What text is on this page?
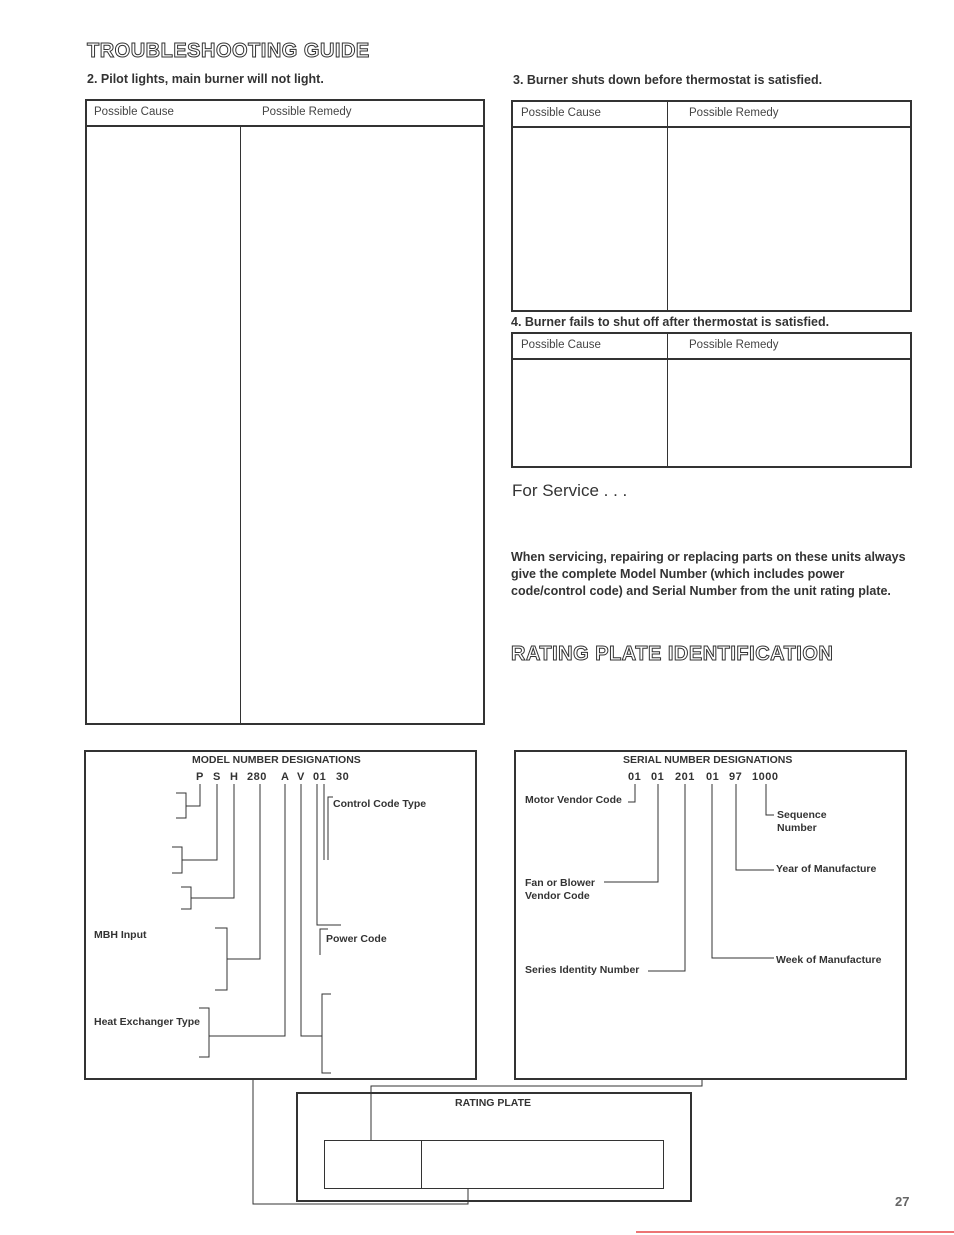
TROUBLESHOOTING GUIDE
2. Pilot lights, main burner will not light.
Possible Cause	Possible Remedy
3. Burner shuts down before thermostat is satisfied.
Possible Cause	Possible Remedy
4. Burner fails to shut off after thermostat is satisfied.
Possible Cause	Possible Remedy
For Service . . .
When servicing, repairing or replacing parts on these units always give the complete Model Number (which includes power code/control code) and Serial Number from the unit rating plate.
RATING PLATE IDENTIFICATION
MODEL NUMBER DESIGNATIONS
P S H 280 A V 01 30
Control Code Type
Power Code
MBH Input
Heat Exchanger Type
SERIAL NUMBER DESIGNATIONS
01 01 201 01 97 1000
Motor Vendor Code
Sequence
Number
Year of Manufacture
Fan or Blower
Vendor Code
Week of Manufacture
Series Identity Number
RATING PLATE
27
